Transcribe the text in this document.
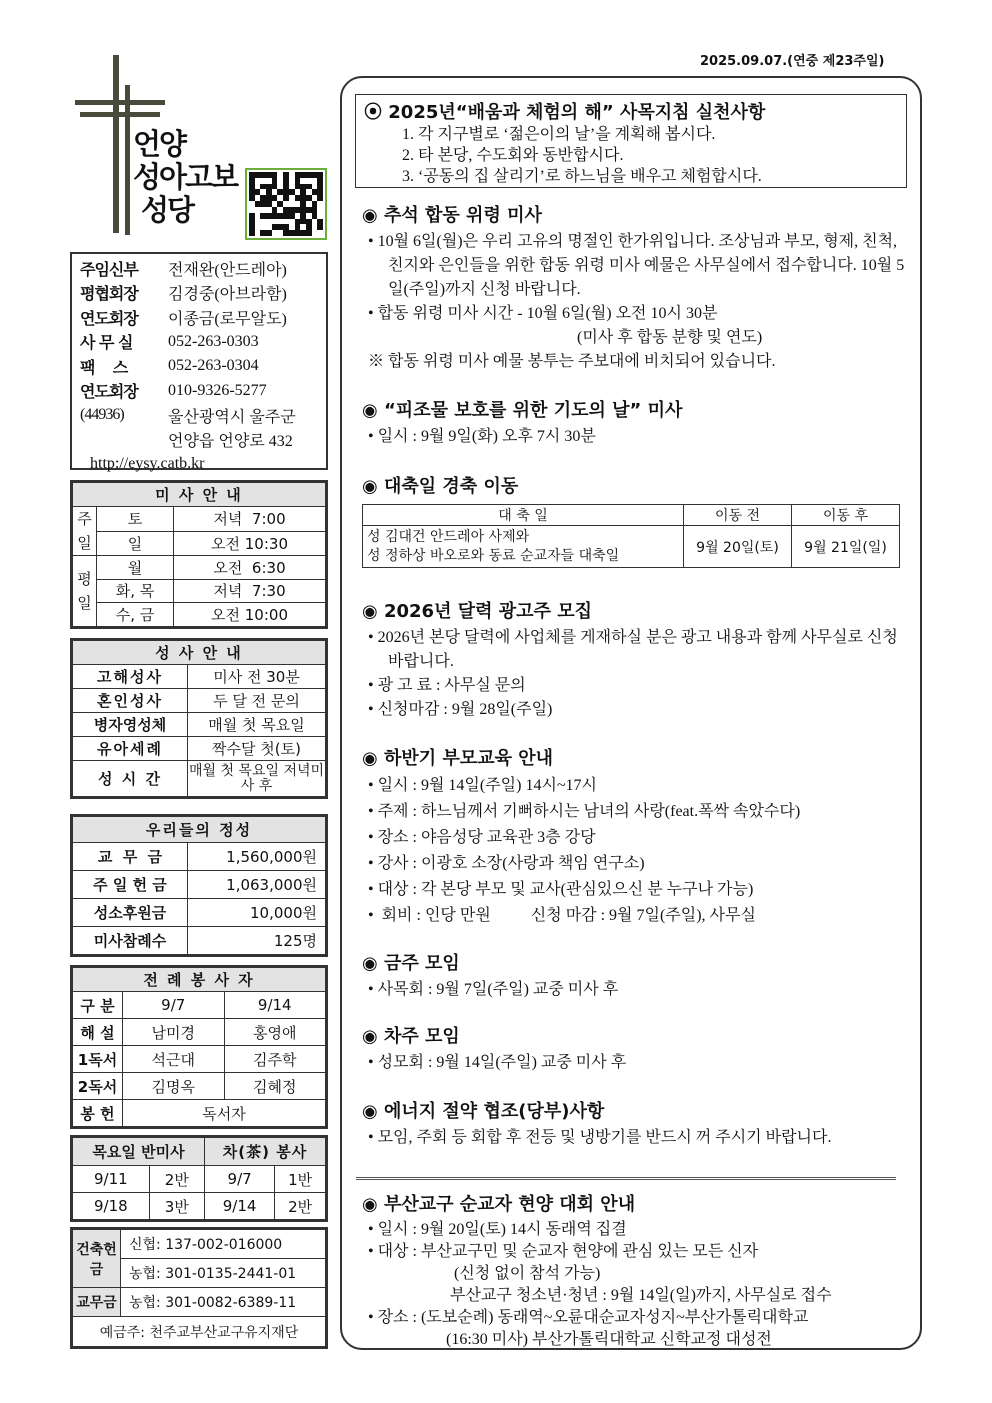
2025.09.07.(연중 제23주일)
언양
성아고보
성당
주임신부	전재완(안드레아)
평협회장	김경중(아브라함)
연도회장	이종금(로무알도)
사 무 실	052-263-0303
팩    스	052-263-0304
연도회장	010-9326-5277
(44936)	울산광역시 울주군
언양읍 언양로 432
http://eysy.catb.kr
미 사 안 내		
주일	토	저녁  7:00
	일	오전 10:30
평일	월	오전  6:30
	화, 목	저녁  7:30
	수, 금	오전 10:00
성 사 안 내	
고해성사	미사 전 30분
혼인성사	두 달 전 문의
병자영성체	매월 첫 목요일
유아세례	짝수달 첫(토)
성 시 간	매월 첫 목요일 저녁미사 후
우리들의 정성	
교  무  금	1,560,000원
주 일 헌 금	1,063,000원
성소후원금	10,000원
미사참례수	125명
전 례 봉 사 자		
구 분	9/7	9/14
해 설	남미경	홍영애
1독서	석근대	김주학
2독서	김명옥	김혜정
봉 헌	독서자	
목요일 반미사		차(茶) 봉사	
9/11	2반	9/7	1반
9/18	3반	9/14	2반
건축헌금	신협: 137-002-016000
	농협: 301-0135-2441-01
교무금	농협: 301-0082-6389-11
예금주: 천주교부산교구유지재단	
⦿ 2025년“배움과 체험의 해” 사목지침 실천사항
1. 각 지구별로 ‘젊은이의 날’을 계획해 봅시다.
2. 타 본당, 수도회와 동반합시다.
3. ‘공동의 집 살리기’로 하느님을 배우고 체험합시다.
◉ 추석 합동 위령 미사
• 10월 6일(월)은 우리 고유의 명절인 한가위입니다. 조상님과 부모, 형제, 친척, 친지와 은인들을 위한 합동 위령 미사 예물은 사무실에서 접수합니다. 10월 5일(주일)까지 신청 바랍니다.
• 합동 위령 미사 시간 - 10월 6일(월) 오전 10시 30분
(미사 후 합동 분향 및 연도)
※ 합동 위령 미사 예물 봉투는 주보대에 비치되어 있습니다.
◉ “피조물 보호를 위한 기도의 날” 미사
• 일시 : 9월 9일(화) 오후 7시 30분
◉ 대축일 경축 이동
대 축 일	이동 전	이동 후

성 김대건 안드레아 사제와
성 정하상 바오로와 동료 순교자들 대축일	9월 20일(토)	9월 21일(일)
◉ 2026년 달력 광고주 모집
• 2026년 본당 달력에 사업체를 게재하실 분은 광고 내용과 함께 사무실로 신청 바랍니다.
• 광 고 료 : 사무실 문의
• 신청마감 : 9월 28일(주일)
◉ 하반기 부모교육 안내
• 일시 : 9월 14일(주일) 14시~17시
• 주제 : 하느님께서 기뻐하시는 남녀의 사랑(feat.폭싹 속았수다)
• 장소 : 야음성당 교육관 3층 강당
• 강사 : 이광호 소장(사랑과 책임 연구소)
• 대상 : 각 본당 부모 및 교사(관심있으신 분 누구나 가능)
•  회비 : 인당 만원          신청 마감 : 9월 7일(주일), 사무실
◉ 금주 모임
• 사목회 : 9월 7일(주일) 교중 미사 후
◉ 차주 모임
• 성모회 : 9월 14일(주일) 교중 미사 후
◉ 에너지 절약 협조(당부)사항
• 모임, 주회 등 회합 후 전등 및 냉방기를 반드시 꺼 주시기 바랍니다.
◉ 부산교구 순교자 현양 대회 안내
• 일시 : 9월 20일(토) 14시 동래역 집결
• 대상 : 부산교구민 및 순교자 현양에 관심 있는 모든 신자
(신청 없이 참석 가능)
부산교구 청소년·청년 : 9월 14일(일)까지, 사무실로 접수
• 장소 : (도보순례) 동래역~오륜대순교자성지~부산가톨릭대학교
(16:30 미사) 부산가톨릭대학교 신학교정 대성전
